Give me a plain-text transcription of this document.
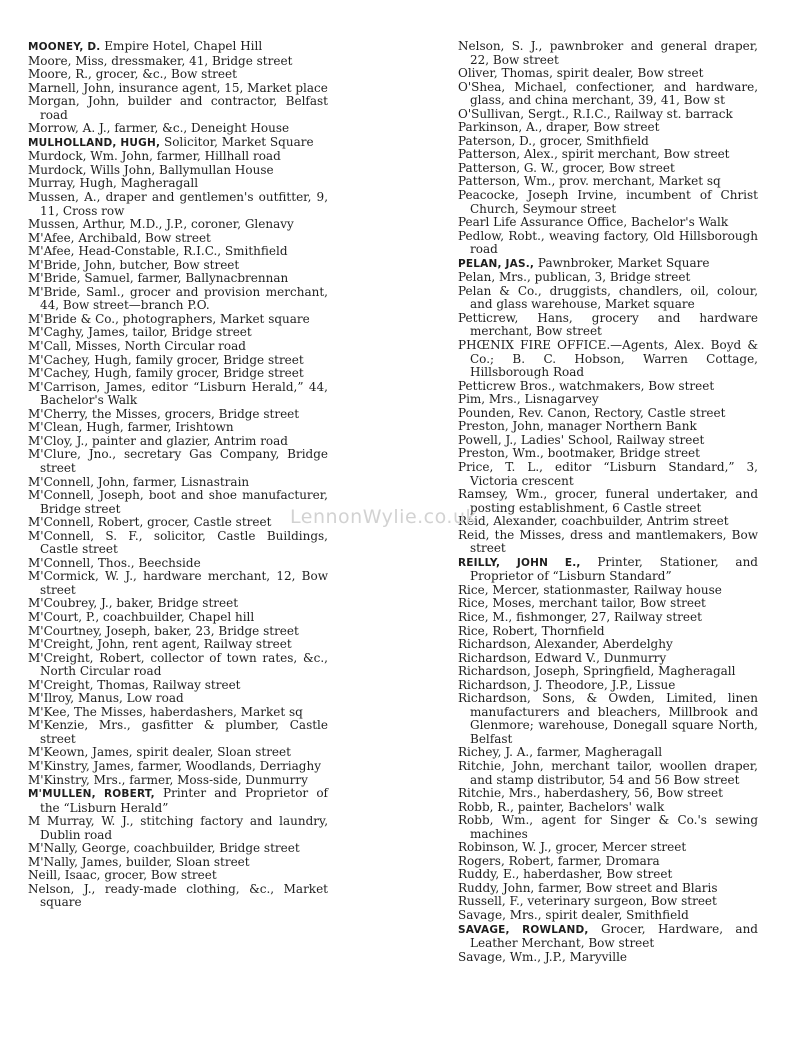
MOONEY, D. Empire Hotel, Chapel Hill

Moore, Miss, dressmaker, 41, Bridge street

Moore, R., grocer, &c., Bow street

Marnell, John, insurance agent, 15, Market place

Morgan, John, builder and contractor, Belfast road

Morrow, A. J., farmer, &c., Deneight House

MULHOLLAND, HUGH, Solicitor, Market Square

Murdock, Wm. John, farmer, Hillhall road

Murdock, Wills John, Ballymullan House

Murray, Hugh, Magheragall

Mussen, A., draper and gentlemen's outfitter, 9, 11, Cross row

Mussen, Arthur, M.D., J.P., coroner, Glenavy

M'Afee, Archibald, Bow street

M'Afee, Head-Constable, R.I.C., Smithfield

M'Bride, John, butcher, Bow street

M'Bride, Samuel, farmer, Ballynacbrennan

M'Bride, Saml., grocer and provision merchant, 44, Bow street—branch P.O.

M'Bride & Co., photographers, Market square

M'Caghy, James, tailor, Bridge street

M'Call, Misses, North Circular road

M'Cachey, Hugh, family grocer, Bridge street

M'Cachey, Hugh, family grocer, Bridge street

M'Carrison, James, editor “Lisburn Herald,” 44, Bachelor's Walk

M'Cherry, the Misses, grocers, Bridge street

M'Clean, Hugh, farmer, Irishtown

M'Cloy, J., painter and glazier, Antrim road

M'Clure, Jno., secretary Gas Company, Bridge street

M'Connell, John, farmer, Lisnastrain

M'Connell, Joseph, boot and shoe manufacturer, Bridge street

M'Connell, Robert, grocer, Castle street

M'Connell, S. F., solicitor, Castle Buildings, Castle street

M'Connell, Thos., Beechside

M'Cormick, W. J., hardware merchant, 12, Bow street

M'Coubrey, J., baker, Bridge street

M'Court, P., coachbuilder, Chapel hill

M'Courtney, Joseph, baker, 23, Bridge street

M'Creight, John, rent agent, Railway street

M'Creight, Robert, collector of town rates, &c., North Circular road

M'Creight, Thomas, Railway street

M'Ilroy, Manus, Low road

M'Kee, The Misses, haberdashers, Market sq

M'Kenzie, Mrs., gasfitter & plumber, Castle street

M'Keown, James, spirit dealer, Sloan street

M'Kinstry, James, farmer, Woodlands, Derriaghy

M'Kinstry, Mrs., farmer, Moss-side, Dunmurry

M'MULLEN, ROBERT, Printer and Proprietor of the “Lisburn Herald”

M Murray, W. J., stitching factory and laundry, Dublin road

M'Nally, George, coachbuilder, Bridge street

M'Nally, James, builder, Sloan street

Neill, Isaac, grocer, Bow street

Nelson, J., ready-made clothing, &c., Market square

Nelson, S. J., pawnbroker and general draper, 22, Bow street

Oliver, Thomas, spirit dealer, Bow street

O'Shea, Michael, confectioner, and hardware, glass, and china merchant, 39, 41, Bow st

O'Sullivan, Sergt., R.I.C., Railway st. barrack

Parkinson, A., draper, Bow street

Paterson, D., grocer, Smithfield

Patterson, Alex., spirit merchant, Bow street

Patterson, G. W., grocer, Bow street

Patterson, Wm., prov. merchant, Market sq

Peacocke, Joseph Irvine, incumbent of Christ Church, Seymour street

Pearl Life Assurance Office, Bachelor's Walk

Pedlow, Robt., weaving factory, Old Hillsborough road

PELAN, JAS., Pawnbroker, Market Square

Pelan, Mrs., publican, 3, Bridge street

Pelan & Co., druggists, chandlers, oil, colour, and glass warehouse, Market square

Petticrew, Hans, grocery and hardware merchant, Bow street

PHŒNIX FIRE OFFICE.—Agents, Alex. Boyd & Co.; B. C. Hobson, Warren Cottage, Hillsborough Road

Petticrew Bros., watchmakers, Bow street

Pim, Mrs., Lisnagarvey

Pounden, Rev. Canon, Rectory, Castle street

Preston, John, manager Northern Bank

Powell, J., Ladies' School, Railway street

Preston, Wm., bootmaker, Bridge street

Price, T. L., editor “Lisburn Standard,” 3, Victoria crescent

Ramsey, Wm., grocer, funeral undertaker, and posting establishment, 6 Castle street

Reid, Alexander, coachbuilder, Antrim street

Reid, the Misses, dress and mantlemakers, Bow street

REILLY, JOHN E., Printer, Stationer, and Proprietor of “Lisburn Standard”

Rice, Mercer, stationmaster, Railway house

Rice, Moses, merchant tailor, Bow street

Rice, M., fishmonger, 27, Railway street

Rice, Robert, Thornfield

Richardson, Alexander, Aberdelghy

Richardson, Edward V., Dunmurry

Richardson, Joseph, Springfield, Magheragall

Richardson, J. Theodore, J.P., Lissue

Richardson, Sons, & Owden, Limited, linen manufacturers and bleachers, Millbrook and Glenmore; warehouse, Donegall square North, Belfast

Richey, J. A., farmer, Magheragall

Ritchie, John, merchant tailor, woollen draper, and stamp distributor, 54 and 56 Bow street

Ritchie, Mrs., haberdashery, 56, Bow street

Robb, R., painter, Bachelors' walk

Robb, Wm., agent for Singer & Co.'s sewing machines

Robinson, W. J., grocer, Mercer street

Rogers, Robert, farmer, Dromara

Ruddy, E., haberdasher, Bow street

Ruddy, John, farmer, Bow street and Blaris

Russell, F., veterinary surgeon, Bow street

Savage, Mrs., spirit dealer, Smithfield

SAVAGE, ROWLAND, Grocer, Hardware, and Leather Merchant, Bow street

Savage, Wm., J.P., Maryville

LennonWylie.co.uk
